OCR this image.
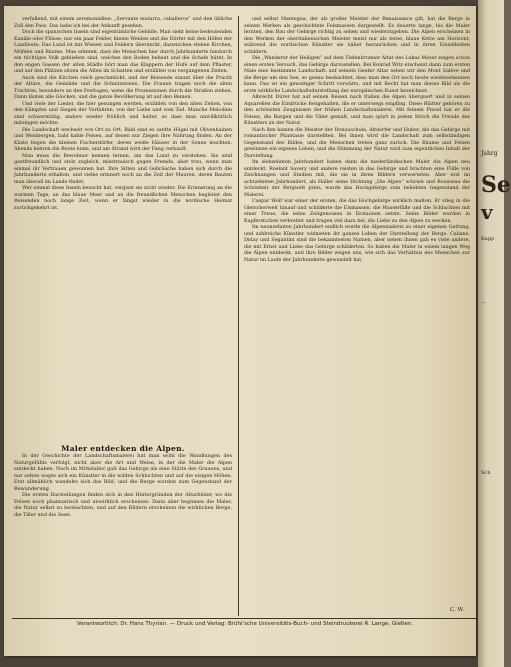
verfallend, mit einem zeremoniellen: „Servante mutarra, caballeros“ und den übliche Zoll den Pass. Das habe ich bei der Ankunft gesehen.

Doch die spanischen Inseln sind eigentümliche Gebilde. Man sieht keine bedeutenden Kanäle oder Flüsse; nur ein paar Felder, kleine Weiden und die Dörfer mit den Höfen der Landleute. Das Land ist mit Wiesen und Feldern überdeckt, dazwischen stehen Kirchen, Mühlen und Bäume. Man erkennt, dass die Menschen hier durch Jahrhunderte hindurch ein tüchtiges Volk geblieben sind, welches den Boden bebaut und die Schafe hütet. In den engen Gassen der alten Städte hört man das Klappern der Hufe auf dem Pflaster, und auf den Plätzen sitzen die Alten im Schatten und erzählen von vergangenen Zeiten.

Auch sind die Kirchen reich geschmückt, und der Reisende staunt über die Pracht der Altäre, die Gemälde und die Schnitzereien. Die Frauen tragen noch die alten Trachten, besonders an den Festtagen, wenn die Prozessionen durch die Straßen ziehen. Dann läuten alle Glocken, und die ganze Bevölkerung ist auf den Beinen.

Und viele der Lieder, die hier gesungen werden, erzählen von den alten Zeiten, von den Kämpfen und Siegen der Vorfahren, von der Liebe und vom Tod. Manche Melodien sind schwermütig, andere wieder fröhlich und heiter, so dass man unwillkürlich mitsingen möchte.

Die Landschaft wechselt von Ort zu Ort. Bald sind es sanfte Hügel mit Olivenhainen und Weinbergen, bald kahle Felsen, auf denen nur Ziegen ihre Nahrung finden. An der Küste liegen die kleinen Fischerdörfer, deren weiße Häuser in der Sonne leuchten. Abends kehren die Boote heim, und am Strand wird der Fang verkauft.

Man muss die Bewohner kennen lernen, um das Land zu verstehen. Sie sind gastfreundlich und stolz zugleich, misstrauisch gegen Fremde, aber treu, wenn man einmal ihr Vertrauen gewonnen hat. Ihre Sitten und Gebräuche haben sich durch die Jahrhunderte erhalten, und vieles erinnert noch an die Zeit der Mauren, deren Bauten man überall im Lande findet.

Wer einmal diese Inseln besucht hat, vergisst sie nicht wieder. Die Erinnerung an die warmen Tage, an das blaue Meer und an die freundlichen Menschen begleitet den Reisenden noch lange Zeit, wenn er längst wieder in die nordische Heimat zurückgekehrt ist.

Maler entdecken die Alpen.

In der Geschichte der Landschaftsmalerei hat man wohl die Wandlungen des Naturgefühls verfolgt, nicht aber die Art und Weise, in der die Maler die Alpen entdeckt haben. Noch im Mittelalter galt das Gebirge als eine Stätte des Grauens, und nur selten wagte sich ein Künstler in die wilden Schluchten und auf die eisigen Höhen. Erst allmählich wandelte sich das Bild, und die Berge wurden zum Gegenstand der Bewunderung.

Die ersten Darstellungen finden sich in den Hintergründen der Altarbilder, wo die Felsen noch phantastisch und unwirklich erscheinen. Dann aber beginnen die Maler, die Natur selbst zu beobachten, und auf den Bildern erscheinen die wirklichen Berge, die Täler und die Seen.

und selbst Mantegna, der als großer Meister der Renaissance gilt, hat die Berge in seinen Werken als geschichtete Felsmassen dargestellt. Es dauerte lange, bis die Maler lernten, den Bau der Gebirge richtig zu sehen und wiederzugeben. Die Alpen erscheinen in den Werken der oberitalienischen Meister meist nur als ferne, blaue Kette am Horizont, während die nordischen Künstler sie näher heranrücken und in ihren Einzelheiten schildern.

Die „Wanderer der Heiligen“ auf dem Tiefenbronner Altar des Lukas Moser zeigen schon einen ersten Versuch, das Gebirge darzustellen. Bei Konrad Witz erscheint dann zum ersten Male eine bestimmte Landschaft: auf seinem Genfer Altar sehen wir den Mont Salève und die Berge um den See, so genau beobachtet, dass man den Ort noch heute wiedererkennen kann. Das ist ein gewaltiger Schritt vorwärts, und mit Recht hat man dieses Bild als die erste wirkliche Landschaftsdarstellung der europäischen Kunst bezeichnet.

Albrecht Dürer hat auf seinen Reisen nach Italien die Alpen überquert und in seinen Aquarellen die Eindrücke festgehalten, die er unterwegs empfing. Diese Blätter gehören zu den schönsten Zeugnissen der frühen Landschaftsmalerei. Mit feinem Pinsel hat er die Felsen, die Burgen und die Täler gemalt, und man spürt in jedem Strich die Freude des Künstlers an der Natur.

Nach ihm kamen die Meister der Donauschule, Altdorfer und Huber, die das Gebirge mit romantischer Phantasie darstellten. Bei ihnen wird die Landschaft zum selbständigen Gegenstand des Bildes, und die Menschen treten ganz zurück. Die Bäume und Felsen gewinnen ein eigenes Leben, und die Stimmung der Natur wird zum eigentlichen Inhalt der Darstellung.

Im siebzehnten Jahrhundert haben dann die niederländischen Maler die Alpen neu entdeckt. Roelant Savery und andere reisten in das Gebirge und brachten eine Fülle von Zeichnungen und Studien mit, die sie in ihren Bildern verwerteten. Aber erst im achtzehnten Jahrhundert, als Haller seine Dichtung „Die Alpen“ schrieb und Rousseau die Schönheit der Bergwelt pries, wurde das Hochgebirge zum beliebten Gegenstand der Malerei.

Caspar Wolf war einer der ersten, die das Hochgebirge wirklich malten. Er stieg in die Gletscherwelt hinauf und schilderte die Eismassen, die Wasserfälle und die Schluchten mit einer Treue, die seine Zeitgenossen in Erstaunen setzte. Seine Bilder wurden in Kupferstichen verbreitet und trugen viel dazu bei, die Liebe zu den Alpen zu wecken.

Im neunzehnten Jahrhundert endlich wurde die Alpenmalerei zu einer eigenen Gattung, und zahlreiche Künstler widmeten ihr ganzes Leben der Darstellung der Berge. Calame, Diday und Segantini sind die bekanntesten Namen, aber neben ihnen gab es viele andere, die mit Ernst und Liebe das Gebirge schilderten. So haben die Maler in einem langen Weg die Alpen entdeckt, und ihre Bilder zeigen uns, wie sich das Verhältnis des Menschen zur Natur im Laufe der Jahrhunderte gewandelt hat.

C. W.
Verantwortlich: Dr. Hans Thyrian. — Druck und Verlag: Brühl'sche Universitäts-Buch- und Steindruckerei R. Lange, Gießen.
Jahrg
Se
v
Kapp
—
Sch
